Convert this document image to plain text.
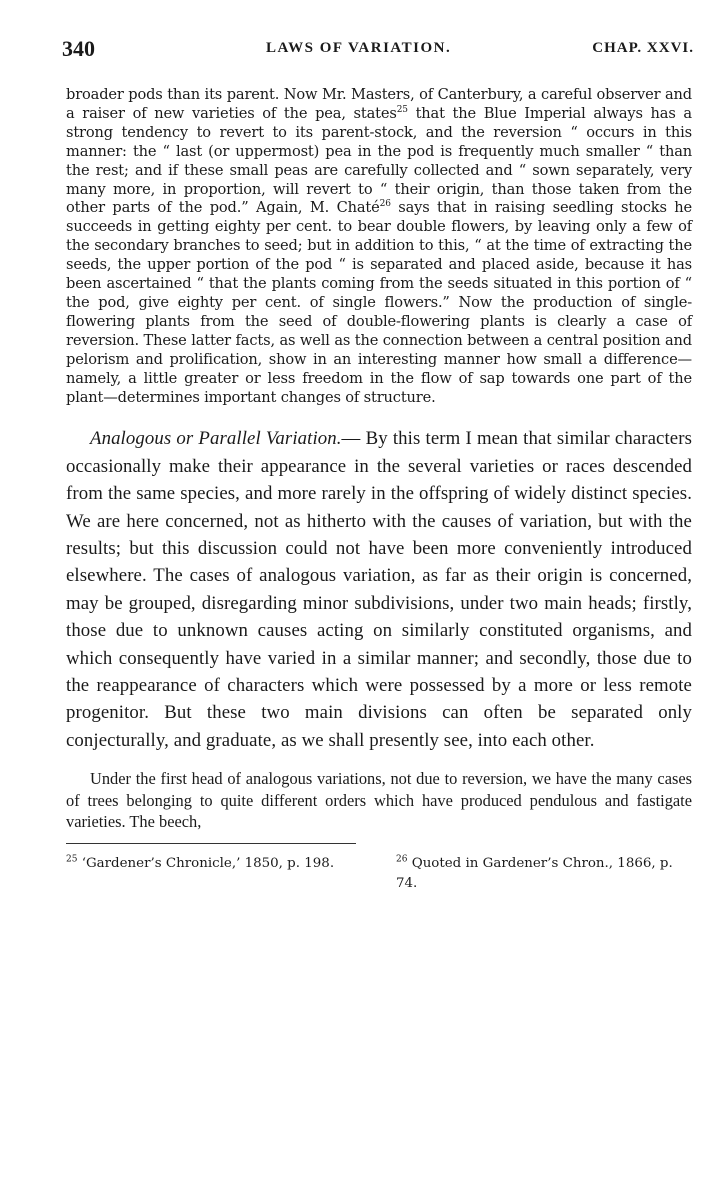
340	LAWS OF VARIATION.	CHAP. XXVI.

broader pods than its parent. Now Mr. Masters, of Canterbury, a careful observer and a raiser of new varieties of the pea, states$^{25}$ that the Blue Imperial always has a strong tendency to revert to its parent-stock, and the reversion “ occurs in this manner: the “ last (or uppermost) pea in the pod is frequently much smaller “ than the rest; and if these small peas are carefully collected and “ sown separately, very many more, in proportion, will revert to “ their origin, than those taken from the other parts of the pod.” Again, M. Chaté$^{26}$ says that in raising seedling stocks he succeeds in getting eighty per cent. to bear double flowers, by leaving only a few of the secondary branches to seed; but in addition to this, “ at the time of extracting the seeds, the upper portion of the pod “ is separated and placed aside, because it has been ascertained “ that the plants coming from the seeds situated in this portion of “ the pod, give eighty per cent. of single flowers.” Now the production of single-flowering plants from the seed of double-flowering plants is clearly a case of reversion. These latter facts, as well as the connection between a central position and pelorism and prolification, show in an interesting manner how small a difference—namely, a little greater or less freedom in the flow of sap towards one part of the plant—determines important changes of structure.

Analogous or Parallel Variation.— By this term I mean that similar characters occasionally make their appearance in the several varieties or races descended from the same species, and more rarely in the offspring of widely distinct species. We are here concerned, not as hitherto with the causes of variation, but with the results; but this discussion could not have been more conveniently introduced elsewhere. The cases of analogous variation, as far as their origin is concerned, may be grouped, disregarding minor subdivisions, under two main heads; firstly, those due to unknown causes acting on similarly constituted organisms, and which consequently have varied in a similar manner; and secondly, those due to the reappearance of characters which were possessed by a more or less remote progenitor. But these two main divisions can often be separated only conjecturally, and graduate, as we shall presently see, into each other.
Under the first head of analogous variations, not due to reversion, we have the many cases of trees belonging to quite different orders which have produced pendulous and fastigate varieties. The beech,
$^{25}$ ‘Gardener’s Chronicle,’ 1850, p. 198.	$^{26}$ Quoted in Gardener’s Chron., 1866, p. 74.
